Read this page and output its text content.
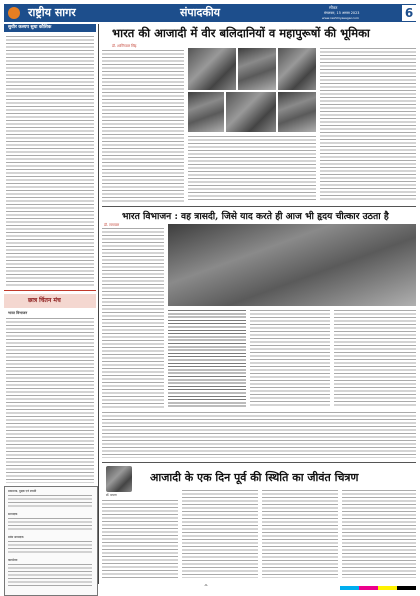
राष्ट्रीय सागर	संपादकीय	सीकर
मंगलवार, 15 अगस्त 2023
www.rashtriyasagar.com	6
सुधीर कश्यप सुधा कौशिक
छात्र चिंतन मंच
भारत विभाजन
प्रकाशक, मुद्रक एवं स्वामी
सम्पादक
प्रबंध सम्पादक
कार्यालय
भारत की आजादी में वीर बलिदानियों व महापुरूषों की भूमिका
डॉ. शान्तिपाल सिंह
भारत विभाजन : वह त्रासदी, जिसे याद करते ही आज भी हृदय चीत्कार उठता है
डॉ. रामपाल
डॉ. प्रभात
आजादी के एक दिन पूर्व की स्थिति का जीवंत चित्रण
-6-
